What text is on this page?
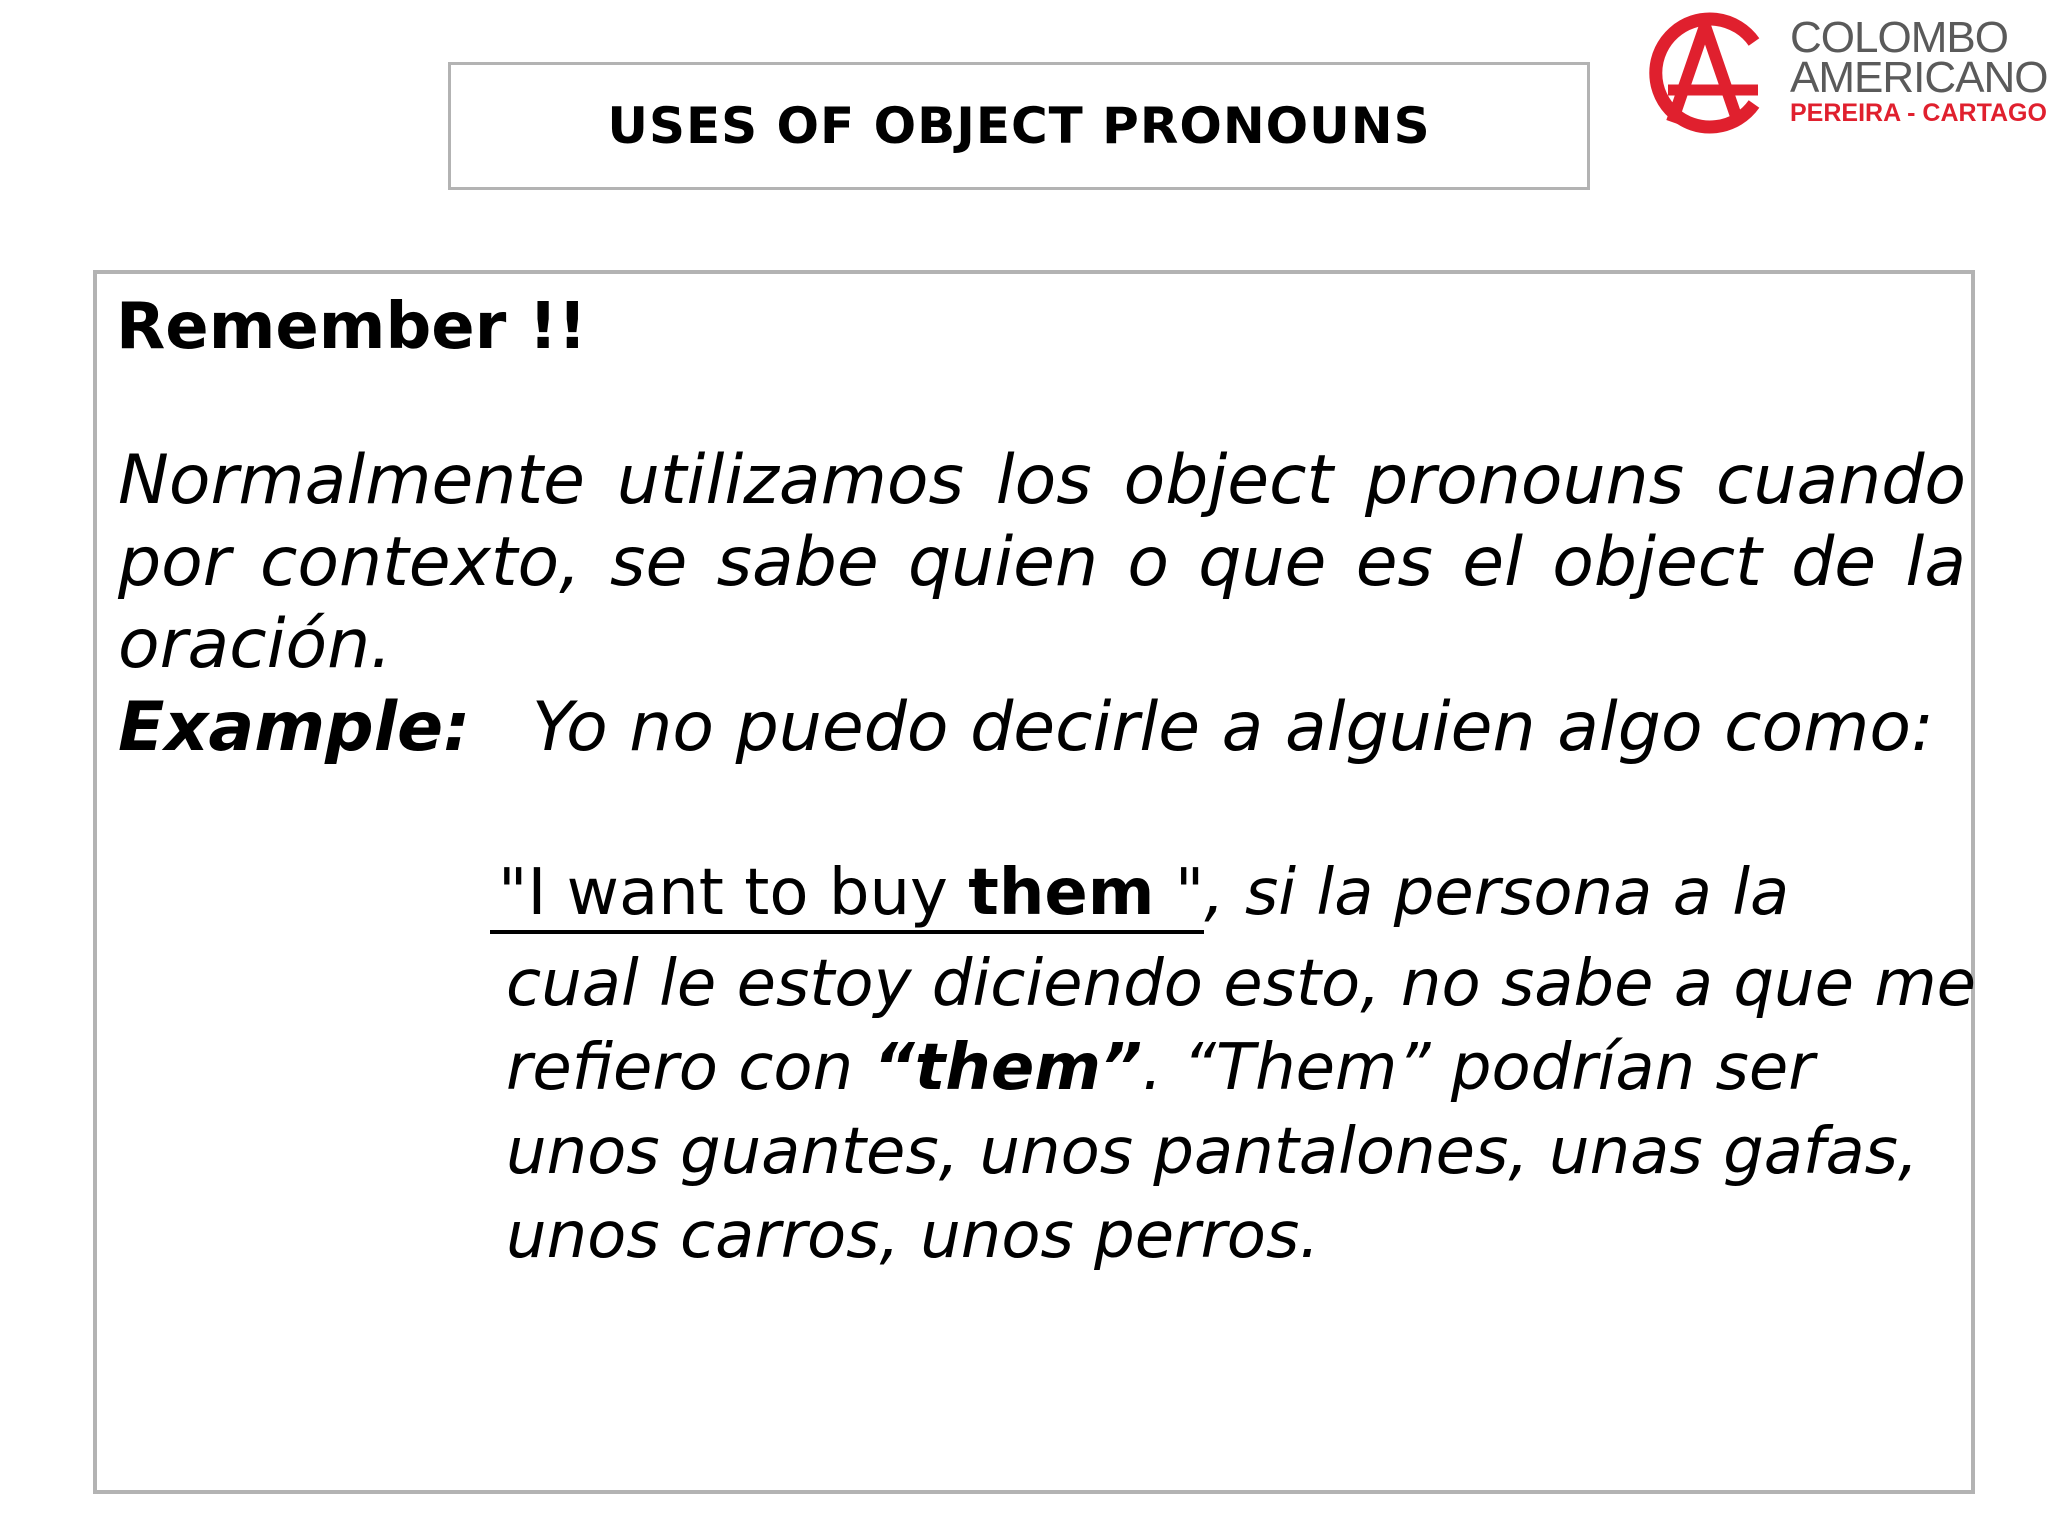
USES OF OBJECT PRONOUNS
COLOMBO
AMERICANO
PEREIRA - CARTAGO
Remember !!

Normalmente utilizamos los object pronouns cuando por contexto, se sabe quien o que es el object de la oración.

Example: Yo no puedo decirle a alguien algo como:
"I want to buy them ", si la persona a la
cual le estoy diciendo esto, no sabe a que me
refiero con “them”. “Them” podrían ser
unos guantes, unos pantalones, unas gafas,
unos carros, unos perros.
